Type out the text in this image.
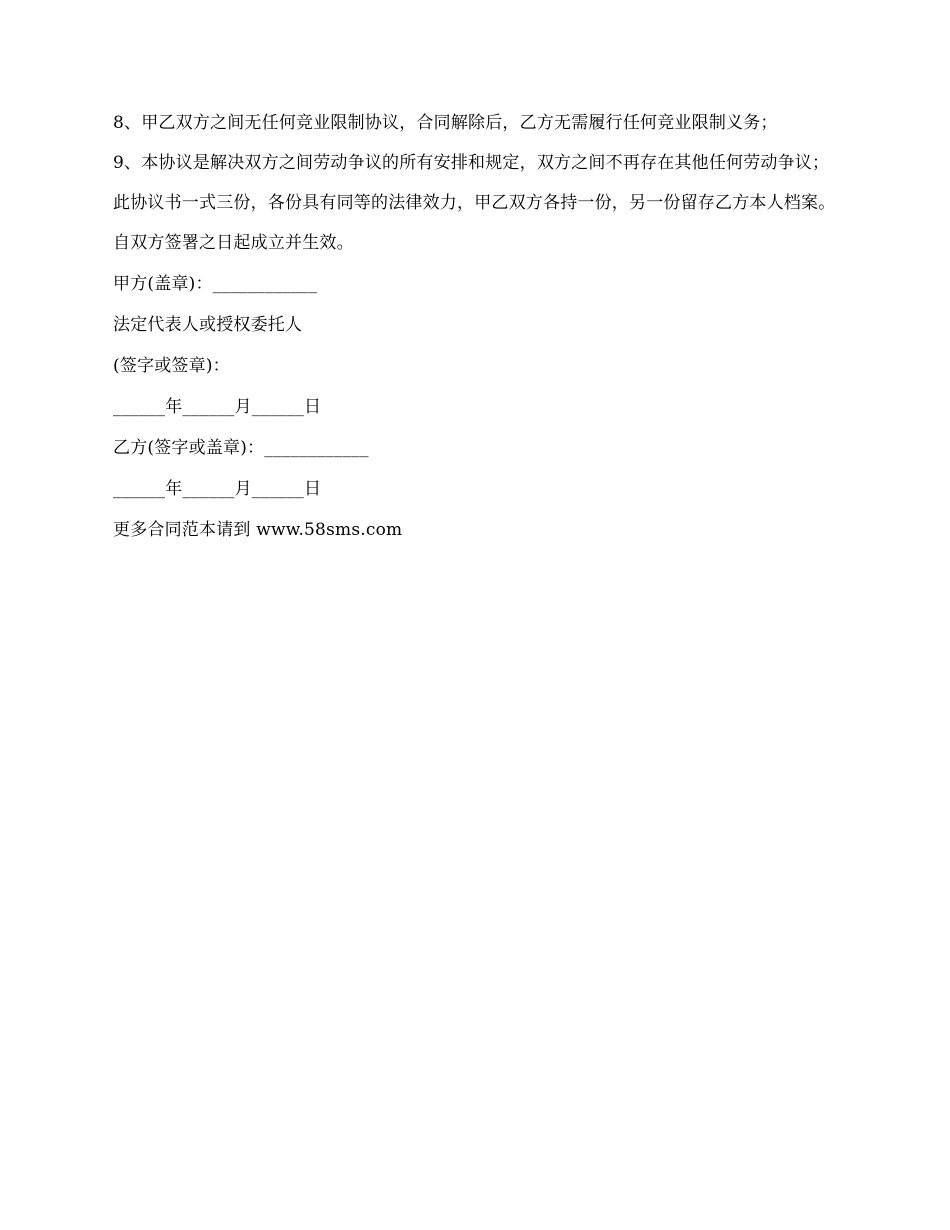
8、甲乙双方之间无任何竞业限制协议，合同解除后，乙方无需履行任何竞业限制义务；

9、本协议是解决双方之间劳动争议的所有安排和规定，双方之间不再存在其他任何劳动争议；

此协议书一式三份，各份具有同等的法律效力，甲乙双方各持一份，另一份留存乙方本人档案。

自双方签署之日起成立并生效。

甲方(盖章)：____________

法定代表人或授权委托人

(签字或签章)：

______年______月______日

乙方(签字或盖章)：____________

______年______月______日

更多合同范本请到 www.58sms.com
